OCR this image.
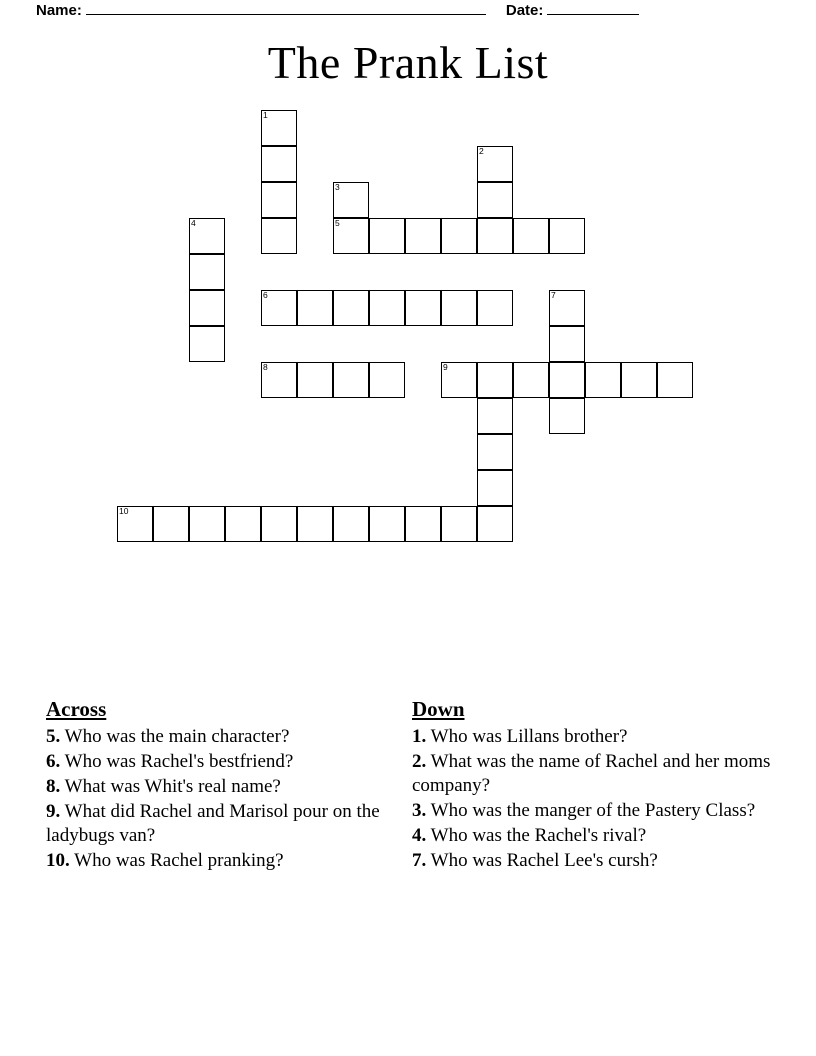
Name:	Date:
The Prank List
1
2
3
4	5
6	7
8	9
10
Across
5. Who was the main character?
6. Who was Rachel's bestfriend?
8. What was Whit's real name?
9. What did Rachel and Marisol pour on the ladybugs van?
10. Who was Rachel pranking?
Down
1. Who was Lillans brother?
2. What was the name of Rachel and her moms company?
3. Who was the manger of the Pastery Class?
4. Who was the Rachel's rival?
7. Who was Rachel Lee's cursh?
